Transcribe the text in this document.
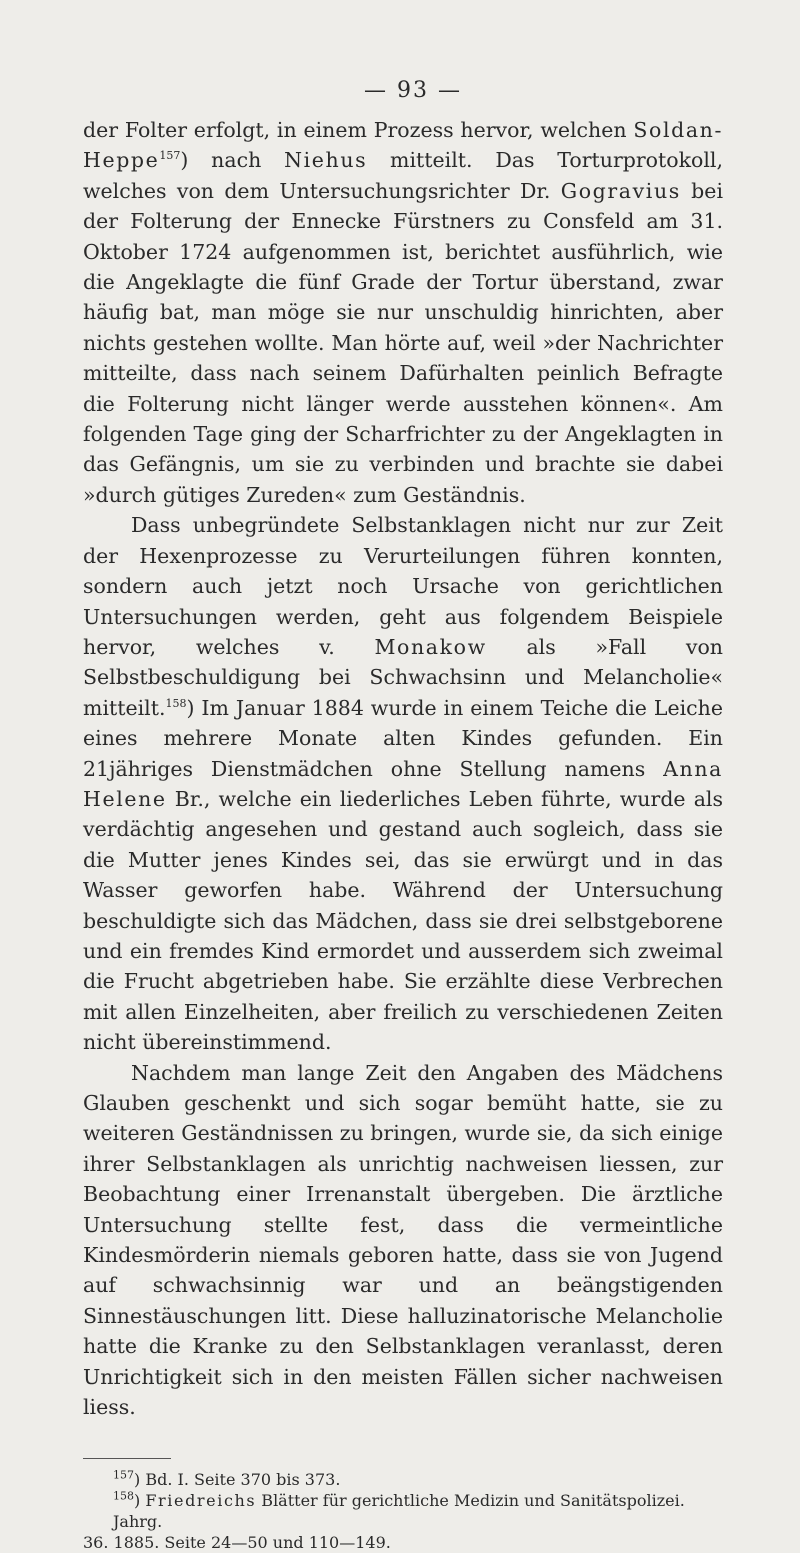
— 93 —

der Folter erfolgt, in einem Prozess hervor, welchen Soldan-Heppe$^{157}$) nach Niehus mitteilt. Das Torturprotokoll, welches von dem Untersuchungsrichter Dr. Gogravius bei der Folterung der Ennecke Fürstners zu Consfeld am 31. Oktober 1724 aufgenommen ist, berichtet ausführlich, wie die Angeklagte die fünf Grade der Tortur überstand, zwar häufig bat, man möge sie nur unschuldig hinrichten, aber nichts gestehen wollte. Man hörte auf, weil »der Nachrichter mitteilte, dass nach seinem Dafürhalten peinlich Befragte die Folterung nicht länger werde ausstehen können«. Am folgenden Tage ging der Scharfrichter zu der Angeklagten in das Gefängnis, um sie zu verbinden und brachte sie dabei »durch gütiges Zureden« zum Geständnis.

Dass unbegründete Selbstanklagen nicht nur zur Zeit der Hexenprozesse zu Verurteilungen führen konnten, sondern auch jetzt noch Ursache von gerichtlichen Untersuchungen werden, geht aus folgendem Beispiele hervor, welches v. Monakow als »Fall von Selbstbeschuldigung bei Schwachsinn und Melancholie« mitteilt.$^{158}$) Im Januar 1884 wurde in einem Teiche die Leiche eines mehrere Monate alten Kindes gefunden. Ein 21jähriges Dienstmädchen ohne Stellung namens Anna Helene Br., welche ein liederliches Leben führte, wurde als verdächtig angesehen und gestand auch sogleich, dass sie die Mutter jenes Kindes sei, das sie erwürgt und in das Wasser geworfen habe. Während der Untersuchung beschuldigte sich das Mädchen, dass sie drei selbstgeborene und ein fremdes Kind ermordet und ausserdem sich zweimal die Frucht abgetrieben habe. Sie erzählte diese Verbrechen mit allen Einzelheiten, aber freilich zu verschiedenen Zeiten nicht übereinstimmend.

Nachdem man lange Zeit den Angaben des Mädchens Glauben geschenkt und sich sogar bemüht hatte, sie zu weiteren Geständnissen zu bringen, wurde sie, da sich einige ihrer Selbstanklagen als unrichtig nachweisen liessen, zur Beobachtung einer Irrenanstalt übergeben. Die ärztliche Untersuchung stellte fest, dass die vermeintliche Kindesmörderin niemals geboren hatte, dass sie von Jugend auf schwachsinnig war und an beängstigenden Sinnestäuschungen litt. Diese halluzinatorische Melancholie hatte die Kranke zu den Selbstanklagen veranlasst, deren Unrichtigkeit sich in den meisten Fällen sicher nachweisen liess.

$^{157}$) Bd. I. Seite 370 bis 373.

$^{158}$) Friedreichs Blätter für gerichtliche Medizin und Sanitätspolizei. Jahrg.
36. 1885. Seite 24—50 und 110—149.
